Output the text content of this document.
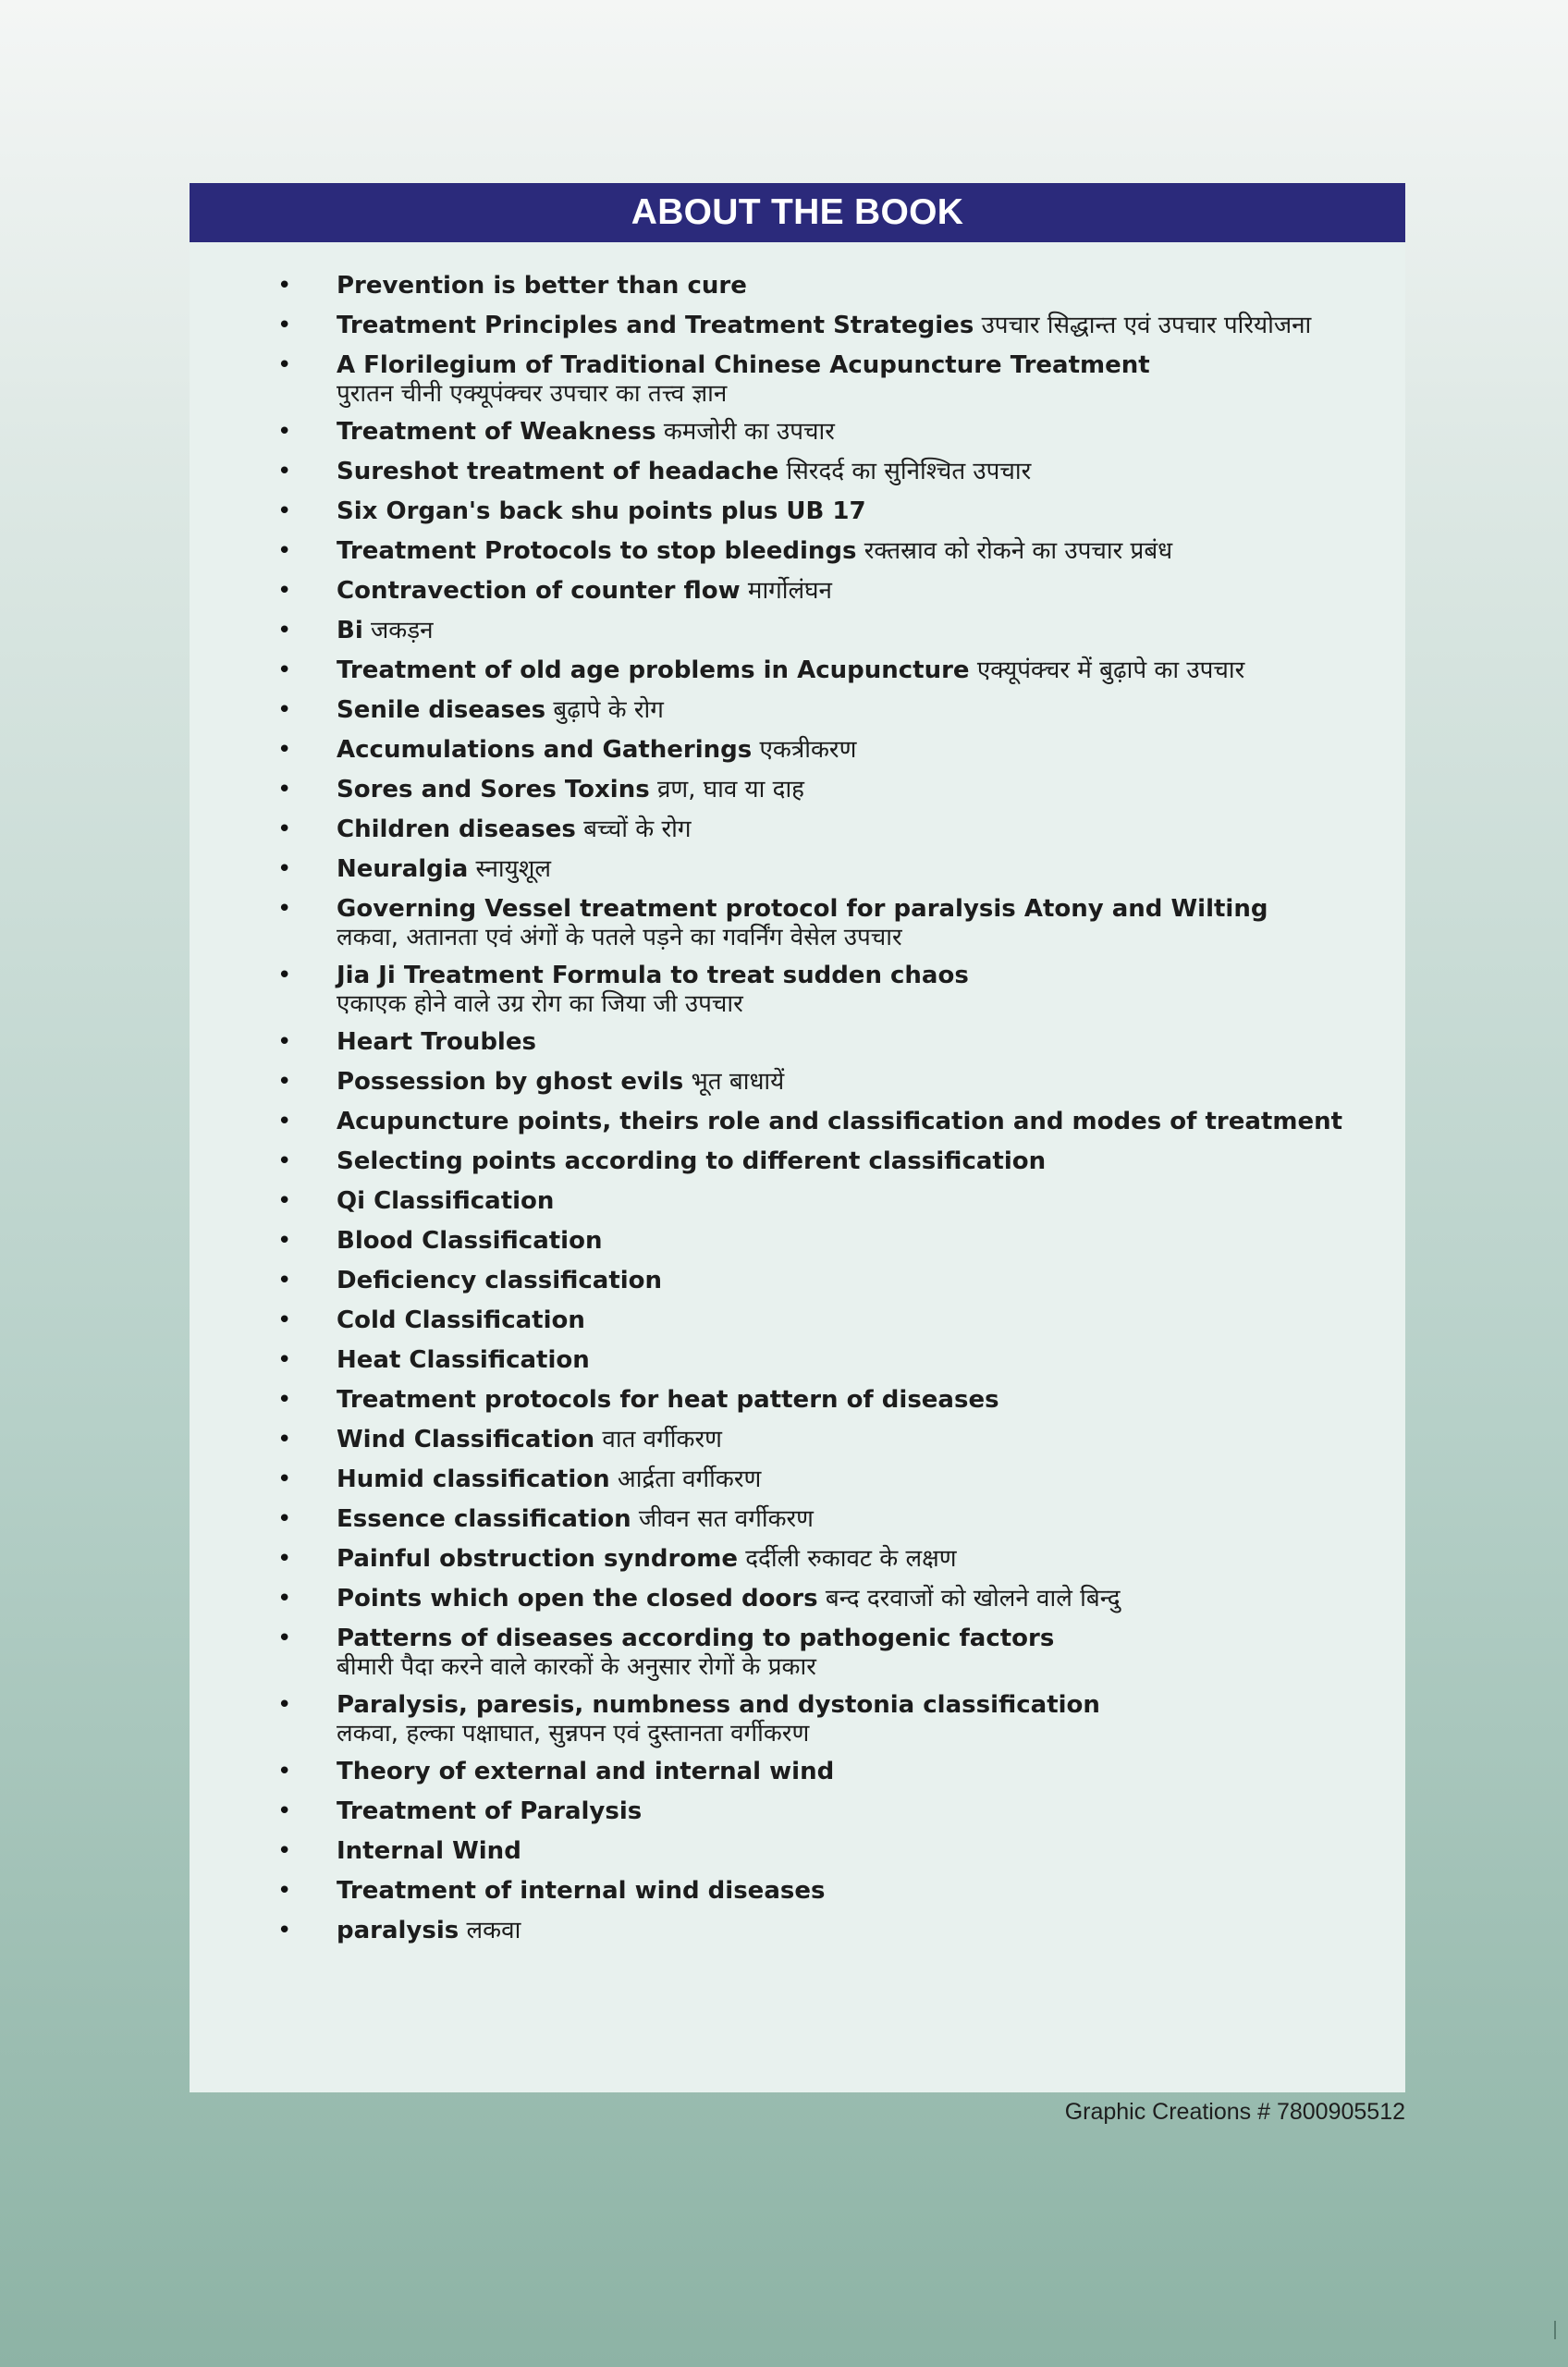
ABOUT THE BOOK
• Prevention is better than cure
• Treatment Principles and Treatment Strategies उपचार सिद्धान्त एवं उपचार परियोजना
• A Florilegium of Traditional Chinese Acupuncture Treatment
पुरातन चीनी एक्यूपंक्चर उपचार का तत्त्व ज्ञान
• Treatment of Weakness कमजोरी का उपचार
• Sureshot treatment of headache सिरदर्द का सुनिश्चित उपचार
• Six Organ's back shu points plus UB 17
• Treatment Protocols to stop bleedings रक्तस्राव को रोकने का उपचार प्रबंध
• Contravection of counter flow मार्गोलंघन
• Bi जकड़न
• Treatment of old age problems in Acupuncture एक्यूपंक्चर में बुढ़ापे का उपचार
• Senile diseases बुढ़ापे के रोग
• Accumulations and Gatherings एकत्रीकरण
• Sores and Sores Toxins व्रण, घाव या दाह
• Children diseases बच्चों के रोग
• Neuralgia स्नायुशूल
• Governing Vessel treatment protocol for paralysis Atony and Wilting
लकवा, अतानता एवं अंगों के पतले पड़ने का गवर्निंग वेसेल उपचार
• Jia Ji Treatment Formula to treat sudden chaos
एकाएक होने वाले उग्र रोग का जिया जी उपचार
• Heart Troubles
• Possession by ghost evils भूत बाधायें
• Acupuncture points, theirs role and classification and modes of treatment
• Selecting points according to different classification
• Qi Classification
• Blood Classification
• Deficiency classification
• Cold Classification
• Heat Classification
• Treatment protocols for heat pattern of diseases
• Wind Classification वात वर्गीकरण
• Humid classification आर्द्रता वर्गीकरण
• Essence classification जीवन सत वर्गीकरण
• Painful obstruction syndrome दर्दीली रुकावट के लक्षण
• Points which open the closed doors बन्द दरवाजों को खोलने वाले बिन्दु
• Patterns of diseases according to pathogenic factors
बीमारी पैदा करने वाले कारकों के अनुसार रोगों के प्रकार
• Paralysis, paresis, numbness and dystonia classification
लकवा, हल्का पक्षाघात, सुन्नपन एवं दुस्तानता वर्गीकरण
• Theory of external and internal wind
• Treatment of Paralysis
• Internal Wind
• Treatment of internal wind diseases
• paralysis लकवा
Graphic Creations # 7800905512
